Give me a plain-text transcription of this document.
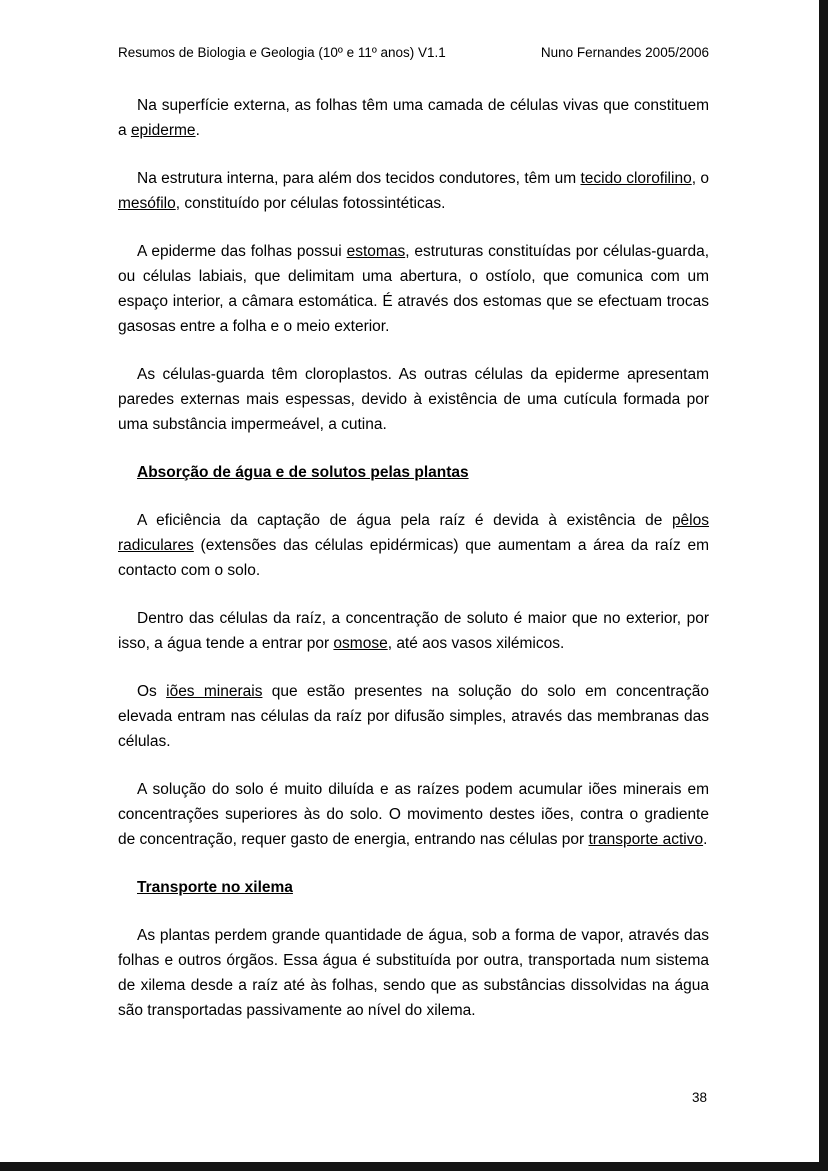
Resumos de Biologia e Geologia (10º e 11º anos) V1.1	Nuno Fernandes 2005/2006

Na superfície externa, as folhas têm uma camada de células vivas que constituem a epiderme.

Na estrutura interna, para além dos tecidos condutores, têm um tecido clorofilino, o mesófilo, constituído por células fotossintéticas.

A epiderme das folhas possui estomas, estruturas constituídas por células-guarda, ou células labiais, que delimitam uma abertura, o ostíolo, que comunica com um espaço interior, a câmara estomática. É através dos estomas que se efectuam trocas gasosas entre a folha e o meio exterior.

As células-guarda têm cloroplastos. As outras células da epiderme apresentam paredes externas mais espessas, devido à existência de uma cutícula formada por uma substância impermeável, a cutina.

Absorção de água e de solutos pelas plantas

A eficiência da captação de água pela raíz é devida à existência de pêlos radiculares (extensões das células epidérmicas) que aumentam a área da raíz em contacto com o solo.

Dentro das células da raíz, a concentração de soluto é maior que no exterior, por isso, a água tende a entrar por osmose, até aos vasos xilémicos.

Os iões minerais que estão presentes na solução do solo em concentração elevada entram nas células da raíz por difusão simples, através das membranas das células.

A solução do solo é muito diluída e as raízes podem acumular iões minerais em concentrações superiores às do solo. O movimento destes iões, contra o gradiente de concentração, requer gasto de energia, entrando nas células por transporte activo.

Transporte no xilema

As plantas perdem grande quantidade de água, sob a forma de vapor, através das folhas e outros órgãos. Essa água é substituída por outra, transportada num sistema de xilema desde a raíz até às folhas, sendo que as substâncias dissolvidas na água são transportadas passivamente ao nível do xilema.

38
